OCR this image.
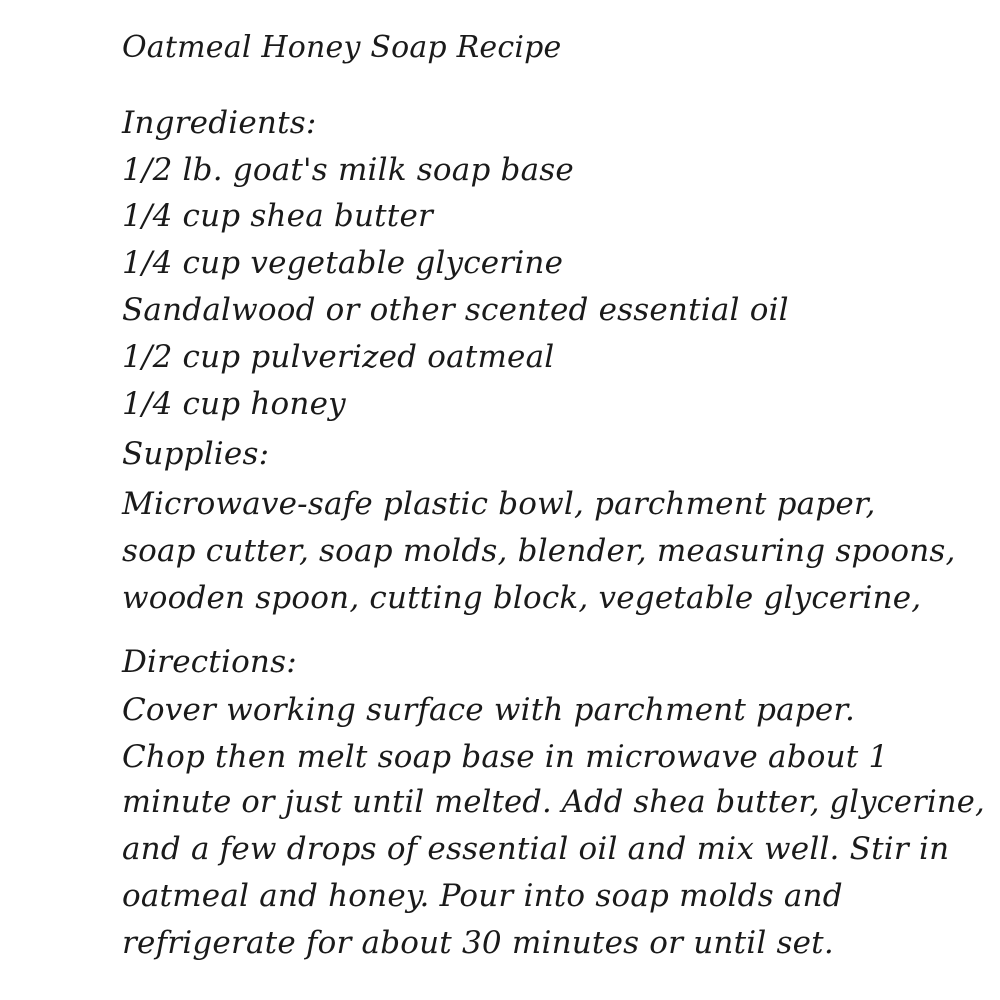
Oatmeal Honey Soap Recipe
Ingredients:
1/2 lb. goat's milk soap base
1/4 cup shea butter
1/4 cup vegetable glycerine
Sandalwood or other scented essential oil
1/2 cup pulverized oatmeal
1/4 cup honey
Supplies:
Microwave-safe plastic bowl, parchment paper,
soap cutter, soap molds, blender, measuring spoons,
wooden spoon, cutting block, vegetable glycerine,
Directions:
Cover working surface with parchment paper.
Chop then melt soap base in microwave about 1
minute or just until melted. Add shea butter, glycerine,
and a few drops of essential oil and mix well. Stir in
oatmeal and honey. Pour into soap molds and
refrigerate for about 30 minutes or until set.
